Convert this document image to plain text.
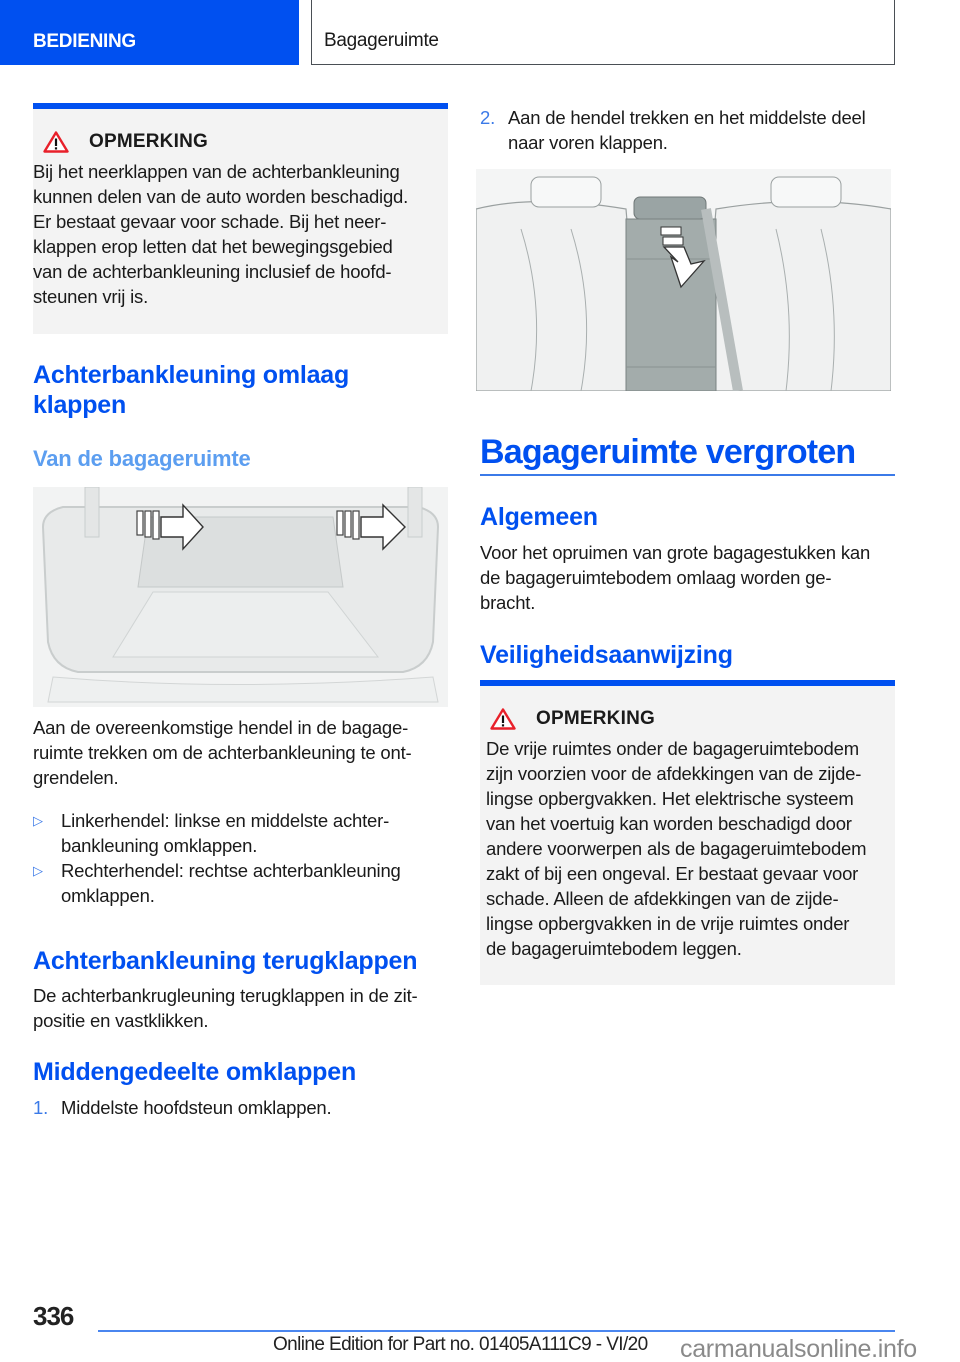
BEDIENING	Bagageruimte
OPMERKING

Bij het neerklappen van de achterbankleuning
kunnen delen van de auto worden beschadigd.
Er bestaat gevaar voor schade. Bij het neer-
klappen erop letten dat het bewegingsgebied
van de achterbankleuning inclusief de hoofd-
steunen vrij is.

Achterbankleuning omlaag
klappen
Van de bagageruimte
Aan de overeenkomstige hendel in de bagage-
ruimte trekken om de achterbankleuning te ont-
grendelen.
▷ Linkerhendel: linkse en middelste achter-
bankleuning omklappen.
▷ Rechterhendel: rechtse achterbankleuning
omklappen.
Achterbankleuning terugklappen
De achterbankrugleuning terugklappen in de zit-
positie en vastklikken.
Middengedeelte omklappen
1. Middelste hoofdsteun omklappen.
2. Aan de hendel trekken en het middelste deel
naar voren klappen.
Bagageruimte vergroten
Algemeen
Voor het opruimen van grote bagagestukken kan
de bagageruimtebodem omlaag worden ge-
bracht.
Veiligheidsaanwijzing
OPMERKING

De vrije ruimtes onder de bagageruimtebodem
zijn voorzien voor de afdekkingen van de zijde-
lingse opbergvakken. Het elektrische systeem
van het voertuig kan worden beschadigd door
andere voorwerpen als de bagageruimtebodem
zakt of bij een ongeval. Er bestaat gevaar voor
schade. Alleen de afdekkingen van de zijde-
lingse opbergvakken in de vrije ruimtes onder
de bagageruimtebodem leggen.

336
Online Edition for Part no. 01405A111C9 - VI/20 carmanualsonline.info
